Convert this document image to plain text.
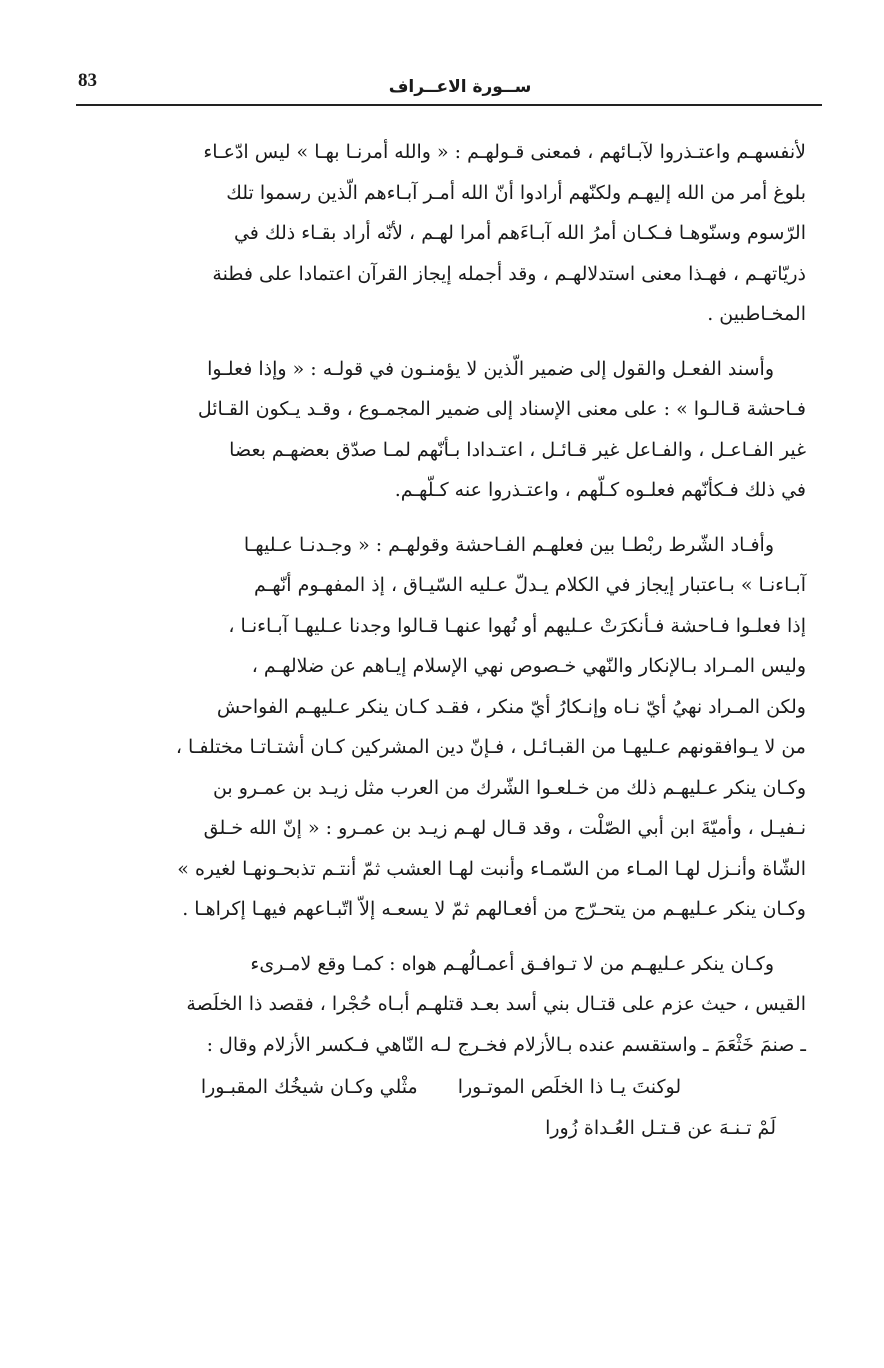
83	ســورة الاعــراف

لأنفسهـم واعتـذروا لآبـائهم ، فمعنى قـولهـم : « والله أمرنـا بهـا » ليس ادّعـاء

بلوغ أمر من الله إليهـم ولكنّهم أرادوا أنّ الله أمـر آبـاءهم الّذين رسموا تلك

الرّسوم وسنّوهـا فـكـان أمرُ الله آبـاءَهم أمرا لهـم ، لأنّه أراد بقـاء ذلك في

ذريّاتهـم ، فهـذا معنى استدلالهـم ، وقد أجمله إيجاز القرآن اعتمادا على فطنة

المخـاطبين .

وأسند الفعـل والقول إلى ضمير الّذين لا يؤمنـون في قولـه : « وإذا فعلـوا

فـاحشة قـالـوا » : على معنى الإسناد إلى ضمير المجمـوع ، وقـد يـكون القـائل

غير الفـاعـل ، والفـاعل غير قـائـل ، اعتـدادا بـأنّهم لمـا صدّق بعضهـم بعضا

في ذلك فـكأنّهم فعلـوه كـلّهم ، واعتـذروا عنه كـلّهـم.

وأفـاد الشّرط ربْطـا بين فعلهـم الفـاحشة وقولهـم : « وجـدنـا عـليهـا

آبـاءنـا » بـاعتبار إيجاز في الكلام يـدلّ عـليه السّيـاق ، إذ المفهـوم أنّهـم

إذا فعلـوا فـاحشة فـأنكرَتْ عـليهم أو نُهوا عنهـا قـالوا وجدنا عـليهـا آبـاءنـا ،

وليس المـراد بـالإنكار والنّهي خـصوص نهي الإسلام إيـاهم عن ضلالهـم ،

ولكن المـراد نهيُ أيّ نـاه وإنـكارُ أيّ منكر ، فقـد كـان ينكر عـليهـم الفواحش

من لا يـوافقونهم عـليهـا من القبـائـل ، فـإنّ دين المشركين كـان أشتـاتـا مختلفـا ،

وكـان ينكر عـليهـم ذلك من خـلعـوا الشّرك من العرب مثل زيـد بن عمـرو بن

نـفيـل ، وأميّةَ ابن أبي الصّلْت ، وقد قـال لهـم زيـد بن عمـرو : « إنّ الله خـلق

الشّاة وأنـزل لهـا المـاء من السّمـاء وأنبت لهـا العشب ثمّ أنتـم تذبحـونهـا لغيره »

وكـان ينكر عـليهـم من يتحـرّج من أفعـالهم ثمّ لا يسعـه إلاّ اتّبـاعهم فيهـا إكراهـا .

وكـان ينكر عـليهـم من لا تـوافـق أعمـالُهـم هواه : كمـا وقع لامـرىء

القيس ، حيث عزم على قتـال بني أسد بعـد قتلهـم أبـاه حُجْرا ، فقصد ذا الخلَصة

ـ صنمَ خَثْعَمَ ـ واستقسم عنده بـالأزلام فخـرج لـه النّاهي فـكسر الأزلام وقال :

لوكنتَ يـا ذا الخلَص الموتـورا
مثْلي وكـان شيخُك المقبـورا
لَمْ تـنـهَ عن قـتـل العُـداة زُورا
